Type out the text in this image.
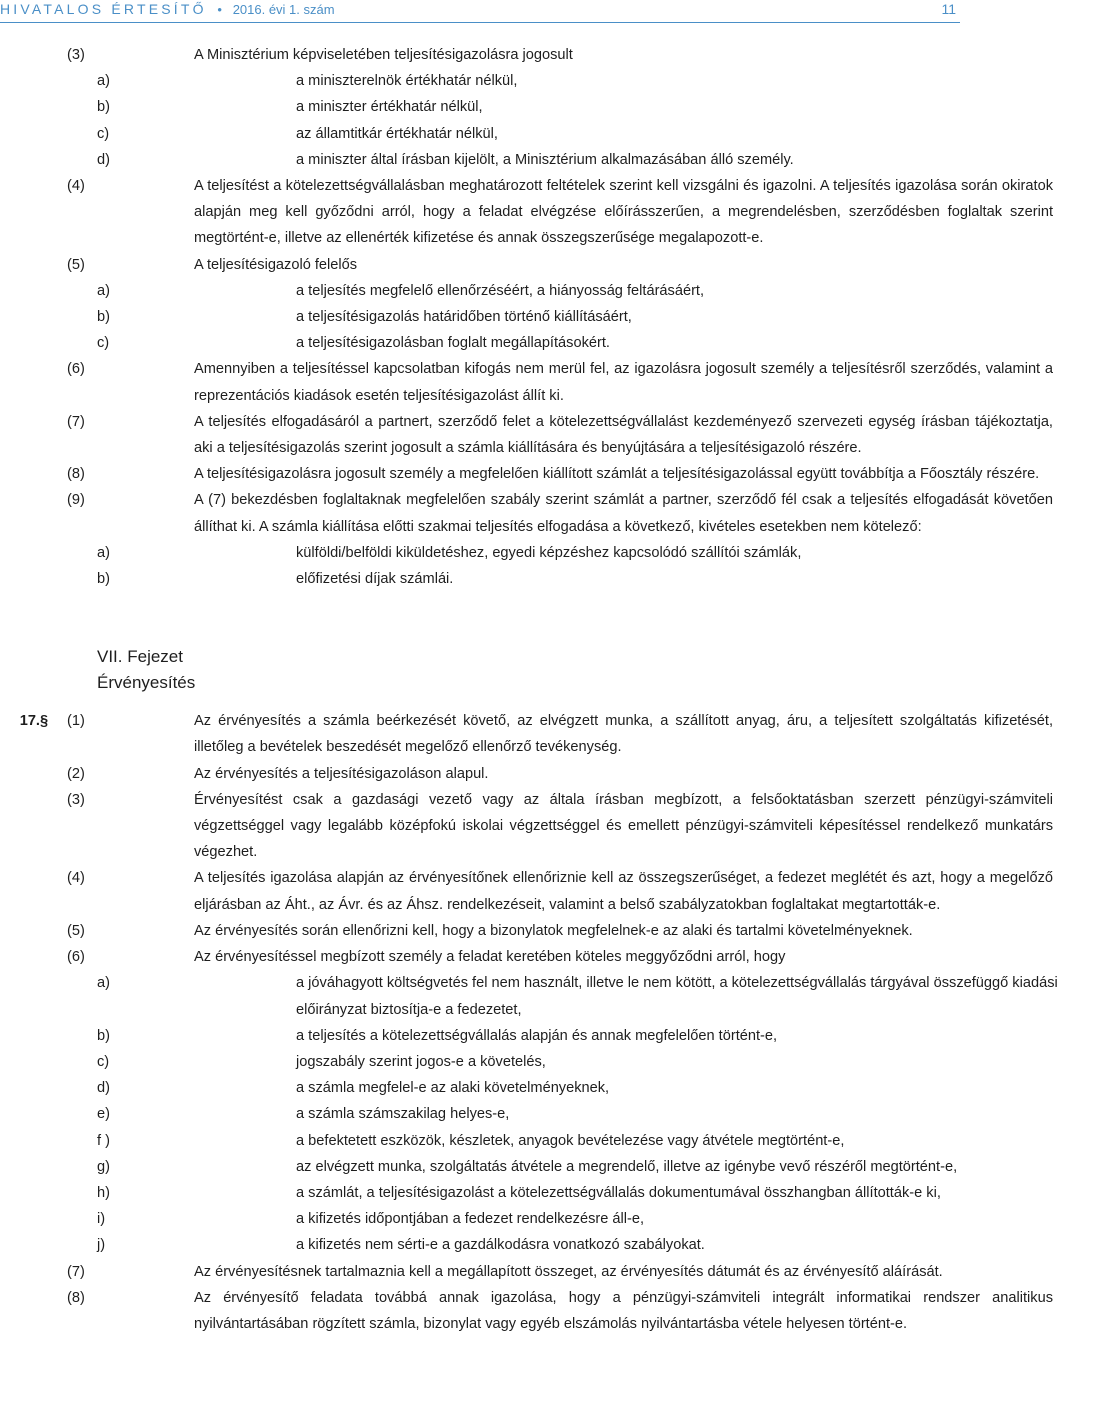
HIVATALOS ÉRTESÍTŐ  •  2016. évi 1. szám	11
(3)	A Minisztérium képviseletében teljesítésigazolásra jogosult
a)	a miniszterelnök értékhatár nélkül,
b)	a miniszter értékhatár nélkül,
c)	az államtitkár értékhatár nélkül,
d)	a miniszter által írásban kijelölt, a Minisztérium alkalmazásában álló személy.
(4)	A teljesítést a kötelezettségvállalásban meghatározott feltételek szerint kell vizsgálni és igazolni. A teljesítés igazolása során okiratok alapján meg kell győződni arról, hogy a feladat elvégzése előírásszerűen, a megrendelésben, szerződésben foglaltak szerint megtörtént-e, illetve az ellenérték kifizetése és annak összegszerűsége megalapozott-e.
(5)	A teljesítésigazoló felelős
a)	a teljesítés megfelelő ellenőrzéséért, a hiányosság feltárásáért,
b)	a teljesítésigazolás határidőben történő kiállításáért,
c)	a teljesítésigazolásban foglalt megállapításokért.
(6)	Amennyiben a teljesítéssel kapcsolatban kifogás nem merül fel, az igazolásra jogosult személy a teljesítésről szerződés, valamint a reprezentációs kiadások esetén teljesítésigazolást állít ki.
(7)	A teljesítés elfogadásáról a partnert, szerződő felet a kötelezettségvállalást kezdeményező szervezeti egység írásban tájékoztatja, aki a teljesítésigazolás szerint jogosult a számla kiállítására és benyújtására a teljesítésigazoló részére.
(8)	A teljesítésigazolásra jogosult személy a megfelelően kiállított számlát a teljesítésigazolással együtt továbbítja a Főosztály részére.
(9)	A (7) bekezdésben foglaltaknak megfelelően szabály szerint számlát a partner, szerződő fél csak a teljesítés elfogadását követően állíthat ki. A számla kiállítása előtti szakmai teljesítés elfogadása a következő, kivételes esetekben nem kötelező:
a)	külföldi/belföldi kiküldetéshez, egyedi képzéshez kapcsolódó szállítói számlák,
b)	előfizetési díjak számlái.
VII. Fejezet
Érvényesítés
17. § (1)	Az érvényesítés a számla beérkezését követő, az elvégzett munka, a szállított anyag, áru, a teljesített szolgáltatás kifizetését, illetőleg a bevételek beszedését megelőző ellenőrző tevékenység.
(2)	Az érvényesítés a teljesítésigazoláson alapul.
(3)	Érvényesítést csak a gazdasági vezető vagy az általa írásban megbízott, a felsőoktatásban szerzett pénzügyi-számviteli végzettséggel vagy legalább középfokú iskolai végzettséggel és emellett pénzügyi-számviteli képesítéssel rendelkező munkatárs végezhet.
(4)	A teljesítés igazolása alapján az érvényesítőnek ellenőriznie kell az összegszerűséget, a fedezet meglétét és azt, hogy a megelőző eljárásban az Áht., az Ávr. és az Áhsz. rendelkezéseit, valamint a belső szabályzatokban foglaltakat megtartották-e.
(5)	Az érvényesítés során ellenőrizni kell, hogy a bizonylatok megfelelnek-e az alaki és tartalmi követelményeknek.
(6)	Az érvényesítéssel megbízott személy a feladat keretében köteles meggyőződni arról, hogy
a)	a jóváhagyott költségvetés fel nem használt, illetve le nem kötött, a kötelezettségvállalás tárgyával összefüggő kiadási előirányzat biztosítja-e a fedezetet,
b)	a teljesítés a kötelezettségvállalás alapján és annak megfelelően történt-e,
c)	jogszabály szerint jogos-e a követelés,
d)	a számla megfelel-e az alaki követelményeknek,
e)	a számla számszakilag helyes-e,
f )	a befektetett eszközök, készletek, anyagok bevételezése vagy átvétele megtörtént-e,
g)	az elvégzett munka, szolgáltatás átvétele a megrendelő, illetve az igénybe vevő részéről megtörtént-e,
h)	a számlát, a teljesítésigazolást a kötelezettségvállalás dokumentumával összhangban állították-e ki,
i)	a kifizetés időpontjában a fedezet rendelkezésre áll-e,
j)	a kifizetés nem sérti-e a gazdálkodásra vonatkozó szabályokat.
(7)	Az érvényesítésnek tartalmaznia kell a megállapított összeget, az érvényesítés dátumát és az érvényesítő aláírását.
(8)	Az érvényesítő feladata továbbá annak igazolása, hogy a pénzügyi-számviteli integrált informatikai rendszer analitikus nyilvántartásában rögzített számla, bizonylat vagy egyéb elszámolás nyilvántartásba vétele helyesen történt-e.
